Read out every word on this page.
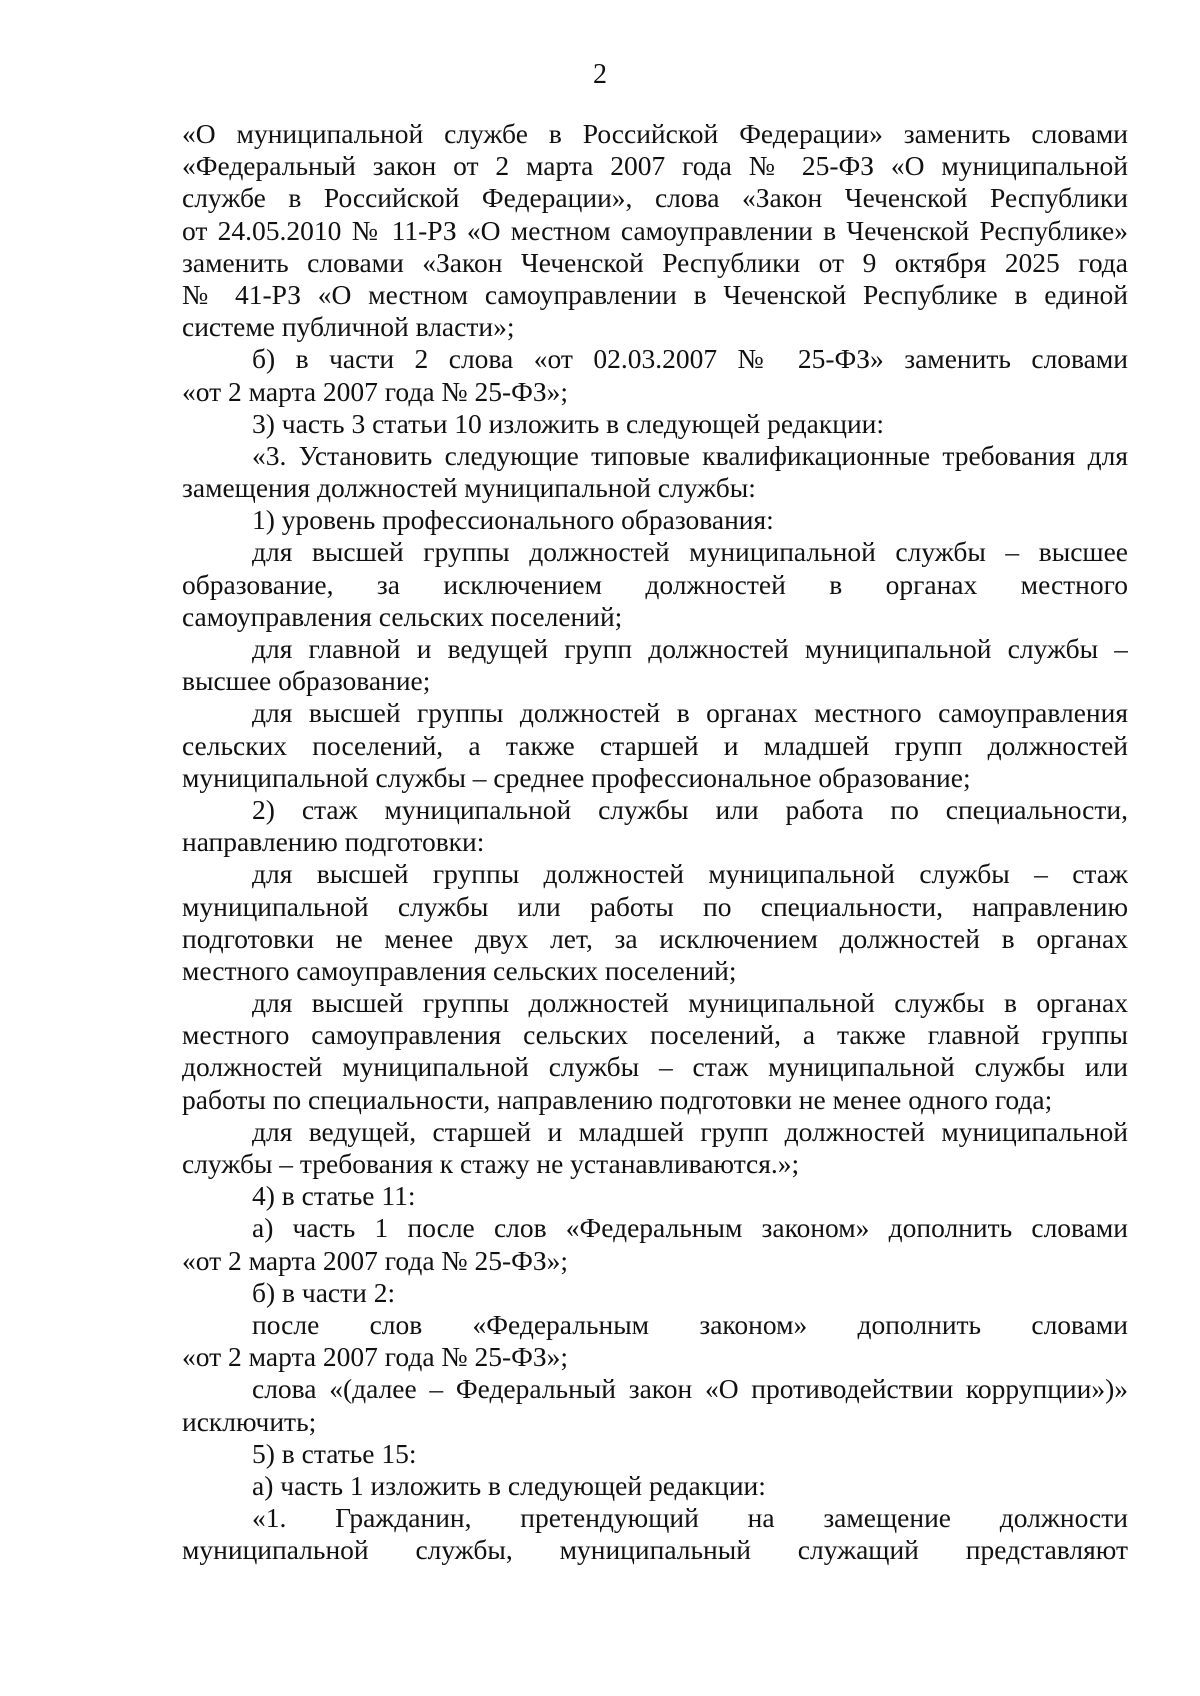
2
«О муниципальной службе в Российской Федерации» заменить словами
«Федеральный закон от 2 марта 2007 года № 25-ФЗ «О муниципальной
службе в Российской Федерации», слова «Закон Чеченской Республики
от 24.05.2010 № 11-РЗ «О местном самоуправлении в Чеченской Республике»
заменить словами «Закон Чеченской Республики от 9 октября 2025 года
№ 41-РЗ «О местном самоуправлении в Чеченской Республике в единой
системе публичной власти»;
б) в части 2 слова «от 02.03.2007 № 25-ФЗ» заменить словами
«от 2 марта 2007 года № 25-ФЗ»;
3) часть 3 статьи 10 изложить в следующей редакции:
«3. Установить следующие типовые квалификационные требования для
замещения должностей муниципальной службы:
1) уровень профессионального образования:
для высшей группы должностей муниципальной службы – высшее
образование, за исключением должностей в органах местного
самоуправления сельских поселений;
для главной и ведущей групп должностей муниципальной службы –
высшее образование;
для высшей группы должностей в органах местного самоуправления
сельских поселений, а также старшей и младшей групп должностей
муниципальной службы – среднее профессиональное образование;
2) стаж муниципальной службы или работа по специальности,
направлению подготовки:
для высшей группы должностей муниципальной службы – стаж
муниципальной службы или работы по специальности, направлению
подготовки не менее двух лет, за исключением должностей в органах
местного самоуправления сельских поселений;
для высшей группы должностей муниципальной службы в органах
местного самоуправления сельских поселений, а также главной группы
должностей муниципальной службы – стаж муниципальной службы или
работы по специальности, направлению подготовки не менее одного года;
для ведущей, старшей и младшей групп должностей муниципальной
службы – требования к стажу не устанавливаются.»;
4) в статье 11:
а) часть 1 после слов «Федеральным законом» дополнить словами
«от 2 марта 2007 года № 25-ФЗ»;
б) в части 2:
после слов «Федеральным законом» дополнить словами
«от 2 марта 2007 года № 25-ФЗ»;
слова «(далее – Федеральный закон «О противодействии коррупции»)»
исключить;
5) в статье 15:
а) часть 1 изложить в следующей редакции:
«1. Гражданин, претендующий на замещение должности
муниципальной службы, муниципальный служащий представляют
